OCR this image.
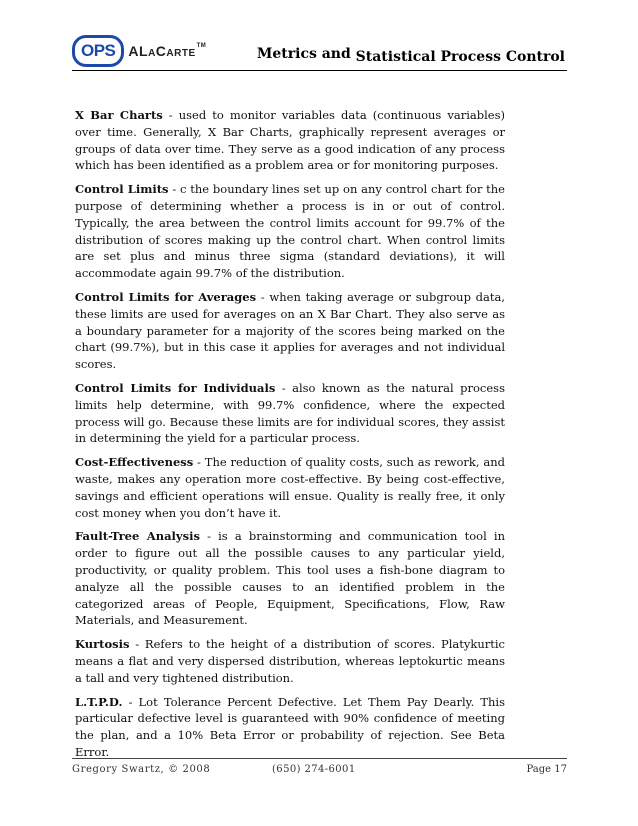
OPS ALaCarte™	Metrics and Statistical Process Control

X Bar Charts - used to monitor variables data (continuous variables) over time. Generally, X Bar Charts, graphically represent averages or groups of data over time. They serve as a good indication of any process which has been identified as a problem area or for monitoring purposes.

Control Limits - c the boundary lines set up on any control chart for the purpose of determining whether a process is in or out of control. Typically, the area between the control limits account for 99.7% of the distribution of scores making up the control chart. When control limits are set plus and minus three sigma (standard deviations), it will accommodate again 99.7% of the distribution.

Control Limits for Averages - when taking average or subgroup data, these limits are used for averages on an X Bar Chart. They also serve as a boundary parameter for a majority of the scores being marked on the chart (99.7%), but in this case it applies for averages and not individual scores.

Control Limits for Individuals - also known as the natural process limits help determine, with 99.7% confidence, where the expected process will go. Because these limits are for individual scores, they assist in determining the yield for a particular process.

Cost-Effectiveness - The reduction of quality costs, such as rework, and waste, makes any operation more cost-effective. By being cost-effective, savings and efficient operations will ensue. Quality is really free, it only cost money when you don’t have it.

Fault-Tree Analysis - is a brainstorming and communication tool in order to figure out all the possible causes to any particular yield, productivity, or quality problem. This tool uses a fish-bone diagram to analyze all the possible causes to an identified problem in the categorized areas of People, Equipment, Specifications, Flow, Raw Materials, and Measurement.

Kurtosis - Refers to the height of a distribution of scores. Platykurtic means a flat and very dispersed distribution, whereas leptokurtic means a tall and very tightened distribution.

L.T.P.D. - Lot Tolerance Percent Defective. Let Them Pay Dearly. This particular defective level is guaranteed with 90% confidence of meeting the plan, and a 10% Beta Error or probability of rejection. See Beta Error.

Gregory Swartz, © 2008	(650) 274-6001	Page 17
